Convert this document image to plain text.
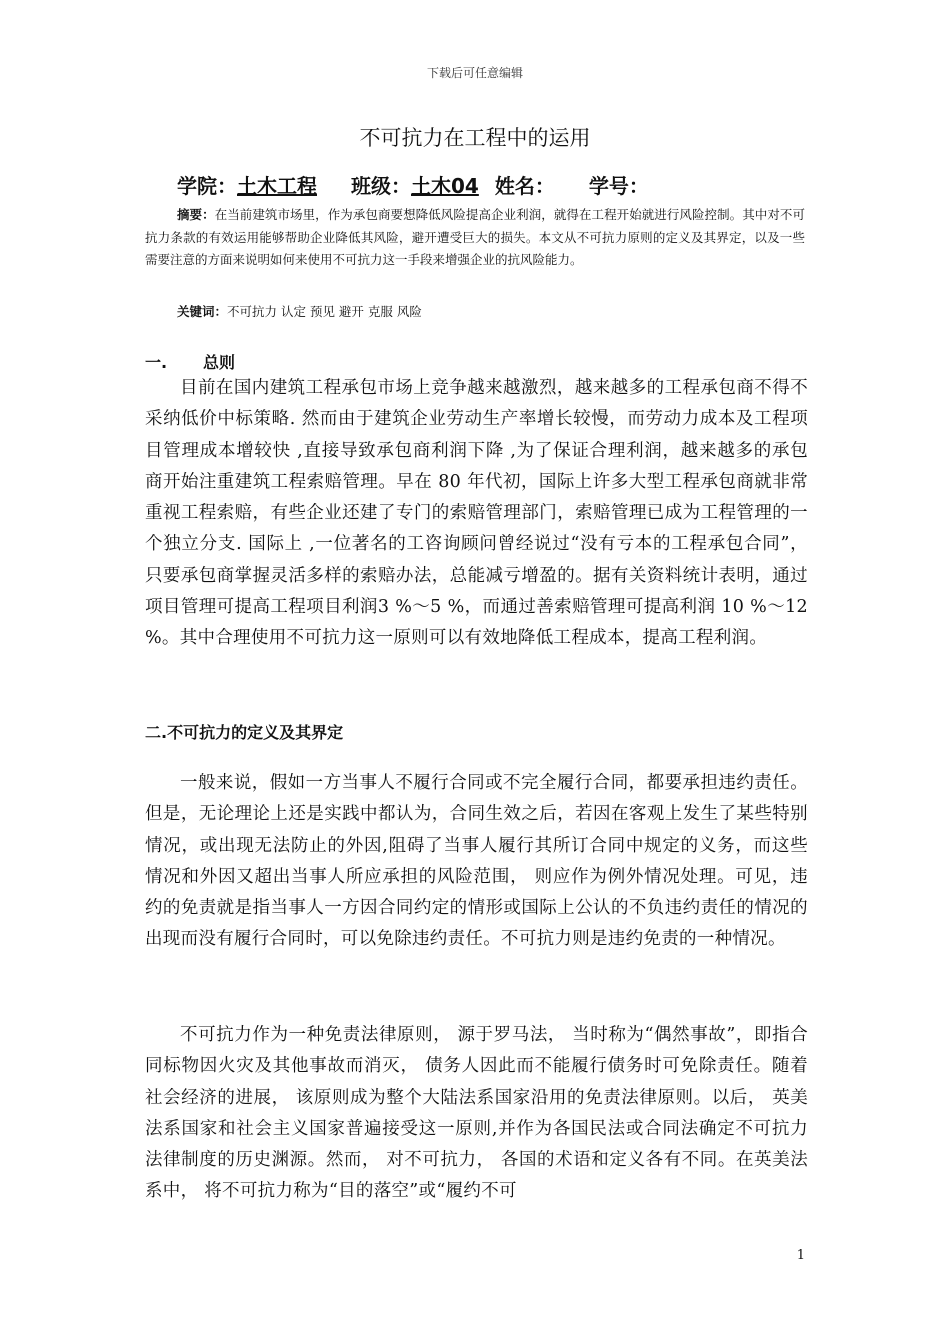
下载后可任意编辑
不可抗力在工程中的运用
学院：土木工程 班级：土木04 姓名： 学号：
摘要：在当前建筑市场里，作为承包商要想降低风险提高企业利润，就得在工程开始就进行风险控制。其中对不可抗力条款的有效运用能够帮助企业降低其风险，避开遭受巨大的损失。本文从不可抗力原则的定义及其界定，以及一些需要注意的方面来说明如何来使用不可抗力这一手段来增强企业的抗风险能力。
关键词：不可抗力 认定 预见 避开 克服 风险
一. 总则
目前在国内建筑工程承包市场上竞争越来越激烈，越来越多的工程承包商不得不采纳低价中标策略. 然而由于建筑企业劳动生产率增长较慢，而劳动力成本及工程项目管理成本增较快 ,直接导致承包商利润下降 ,为了保证合理利润，越来越多的承包商开始注重建筑工程索赔管理。早在 80 年代初，国际上许多大型工程承包商就非常重视工程索赔，有些企业还建了专门的索赔管理部门，索赔管理已成为工程管理的一个独立分支. 国际上 ,一位著名的工咨询顾问曾经说过“没有亏本的工程承包合同”，只要承包商掌握灵活多样的索赔办法，总能减亏增盈的。据有关资料统计表明，通过项目管理可提高工程项目利润3 %～5 %，而通过善索赔管理可提高利润 10 %～12 %。其中合理使用不可抗力这一原则可以有效地降低工程成本，提高工程利润。
二.不可抗力的定义及其界定
一般来说，假如一方当事人不履行合同或不完全履行合同，都要承担违约责任。但是，无论理论上还是实践中都认为，合同生效之后，若因在客观上发生了某些特别情况，或出现无法防止的外因,阻碍了当事人履行其所订合同中规定的义务，而这些情况和外因又超出当事人所应承担的风险范围， 则应作为例外情况处理。可见，违约的免责就是指当事人一方因合同约定的情形或国际上公认的不负违约责任的情况的出现而没有履行合同时，可以免除违约责任。不可抗力则是违约免责的一种情况。
不可抗力作为一种免责法律原则， 源于罗马法， 当时称为“偶然事故”，即指合同标物因火灾及其他事故而消灭， 债务人因此而不能履行债务时可免除责任。随着社会经济的进展， 该原则成为整个大陆法系国家沿用的免责法律原则。以后， 英美法系国家和社会主义国家普遍接受这一原则,并作为各国民法或合同法确定不可抗力法律制度的历史渊源。然而， 对不可抗力， 各国的术语和定义各有不同。在英美法系中， 将不可抗力称为“目的落空”或“履约不可
1
